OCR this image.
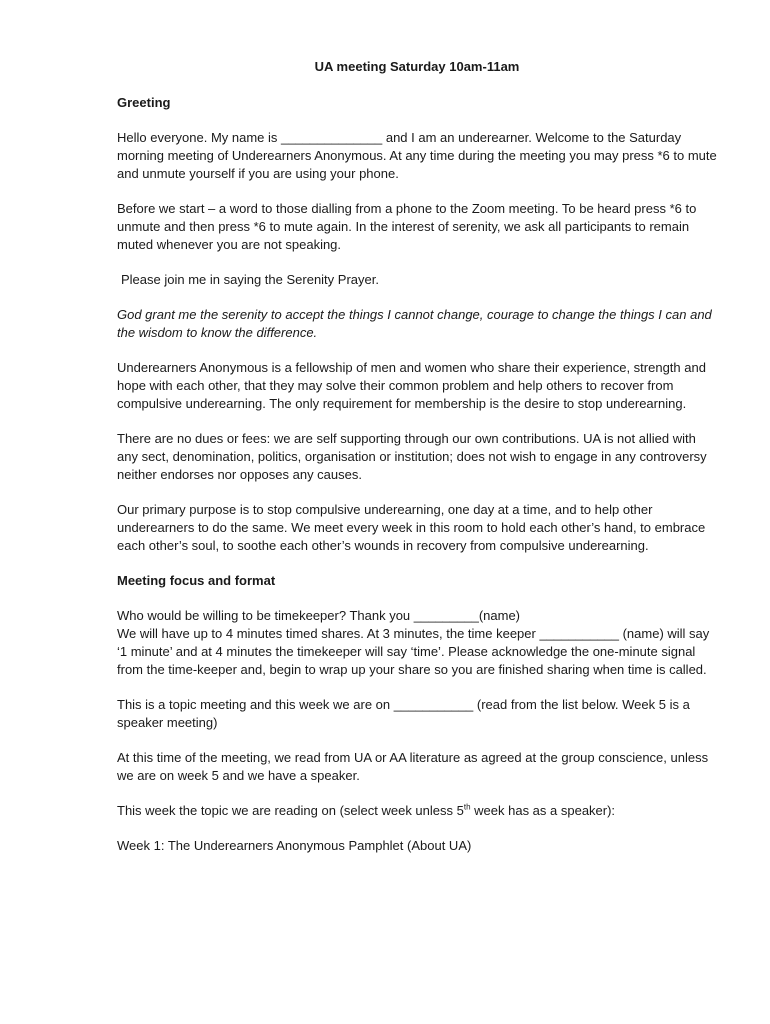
UA meeting Saturday 10am-11am
Greeting
Hello everyone. My name is ______________ and I am an underearner. Welcome to the Saturday morning meeting of Underearners Anonymous. At any time during the meeting you may press *6 to mute and unmute yourself if you are using your phone.
Before we start – a word to those dialling from a phone to the Zoom meeting. To be heard press *6 to unmute and then press *6 to mute again. In the interest of serenity, we ask all participants to remain muted whenever you are not speaking.
Please join me in saying the Serenity Prayer.
God grant me the serenity to accept the things I cannot change, courage to change the things I can and the wisdom to know the difference.
Underearners Anonymous is a fellowship of men and women who share their experience, strength and hope with each other, that they may solve their common problem and help others to recover from compulsive underearning. The only requirement for membership is the desire to stop underearning.
There are no dues or fees: we are self supporting through our own contributions. UA is not allied with any sect, denomination, politics, organisation or institution; does not wish to engage in any controversy neither endorses nor opposes any causes.
Our primary purpose is to stop compulsive underearning, one day at a time, and to help other underearners to do the same. We meet every week in this room to hold each other’s hand, to embrace each other’s soul, to soothe each other’s wounds in recovery from compulsive underearning.
Meeting focus and format
Who would be willing to be timekeeper? Thank you _________(name)
We will have up to 4 minutes timed shares. At 3 minutes, the time keeper ___________ (name) will say ‘1 minute’ and at 4 minutes the timekeeper will say ‘time’. Please acknowledge the one-minute signal from the time-keeper and, begin to wrap up your share so you are finished sharing when time is called.
This is a topic meeting and this week we are on ___________ (read from the list below. Week 5 is a speaker meeting)
At this time of the meeting, we read from UA or AA literature as agreed at the group conscience, unless we are on week 5 and we have a speaker.
This week the topic we are reading on (select week unless 5th week has as a speaker):
Week 1: The Underearners Anonymous Pamphlet (About UA)
